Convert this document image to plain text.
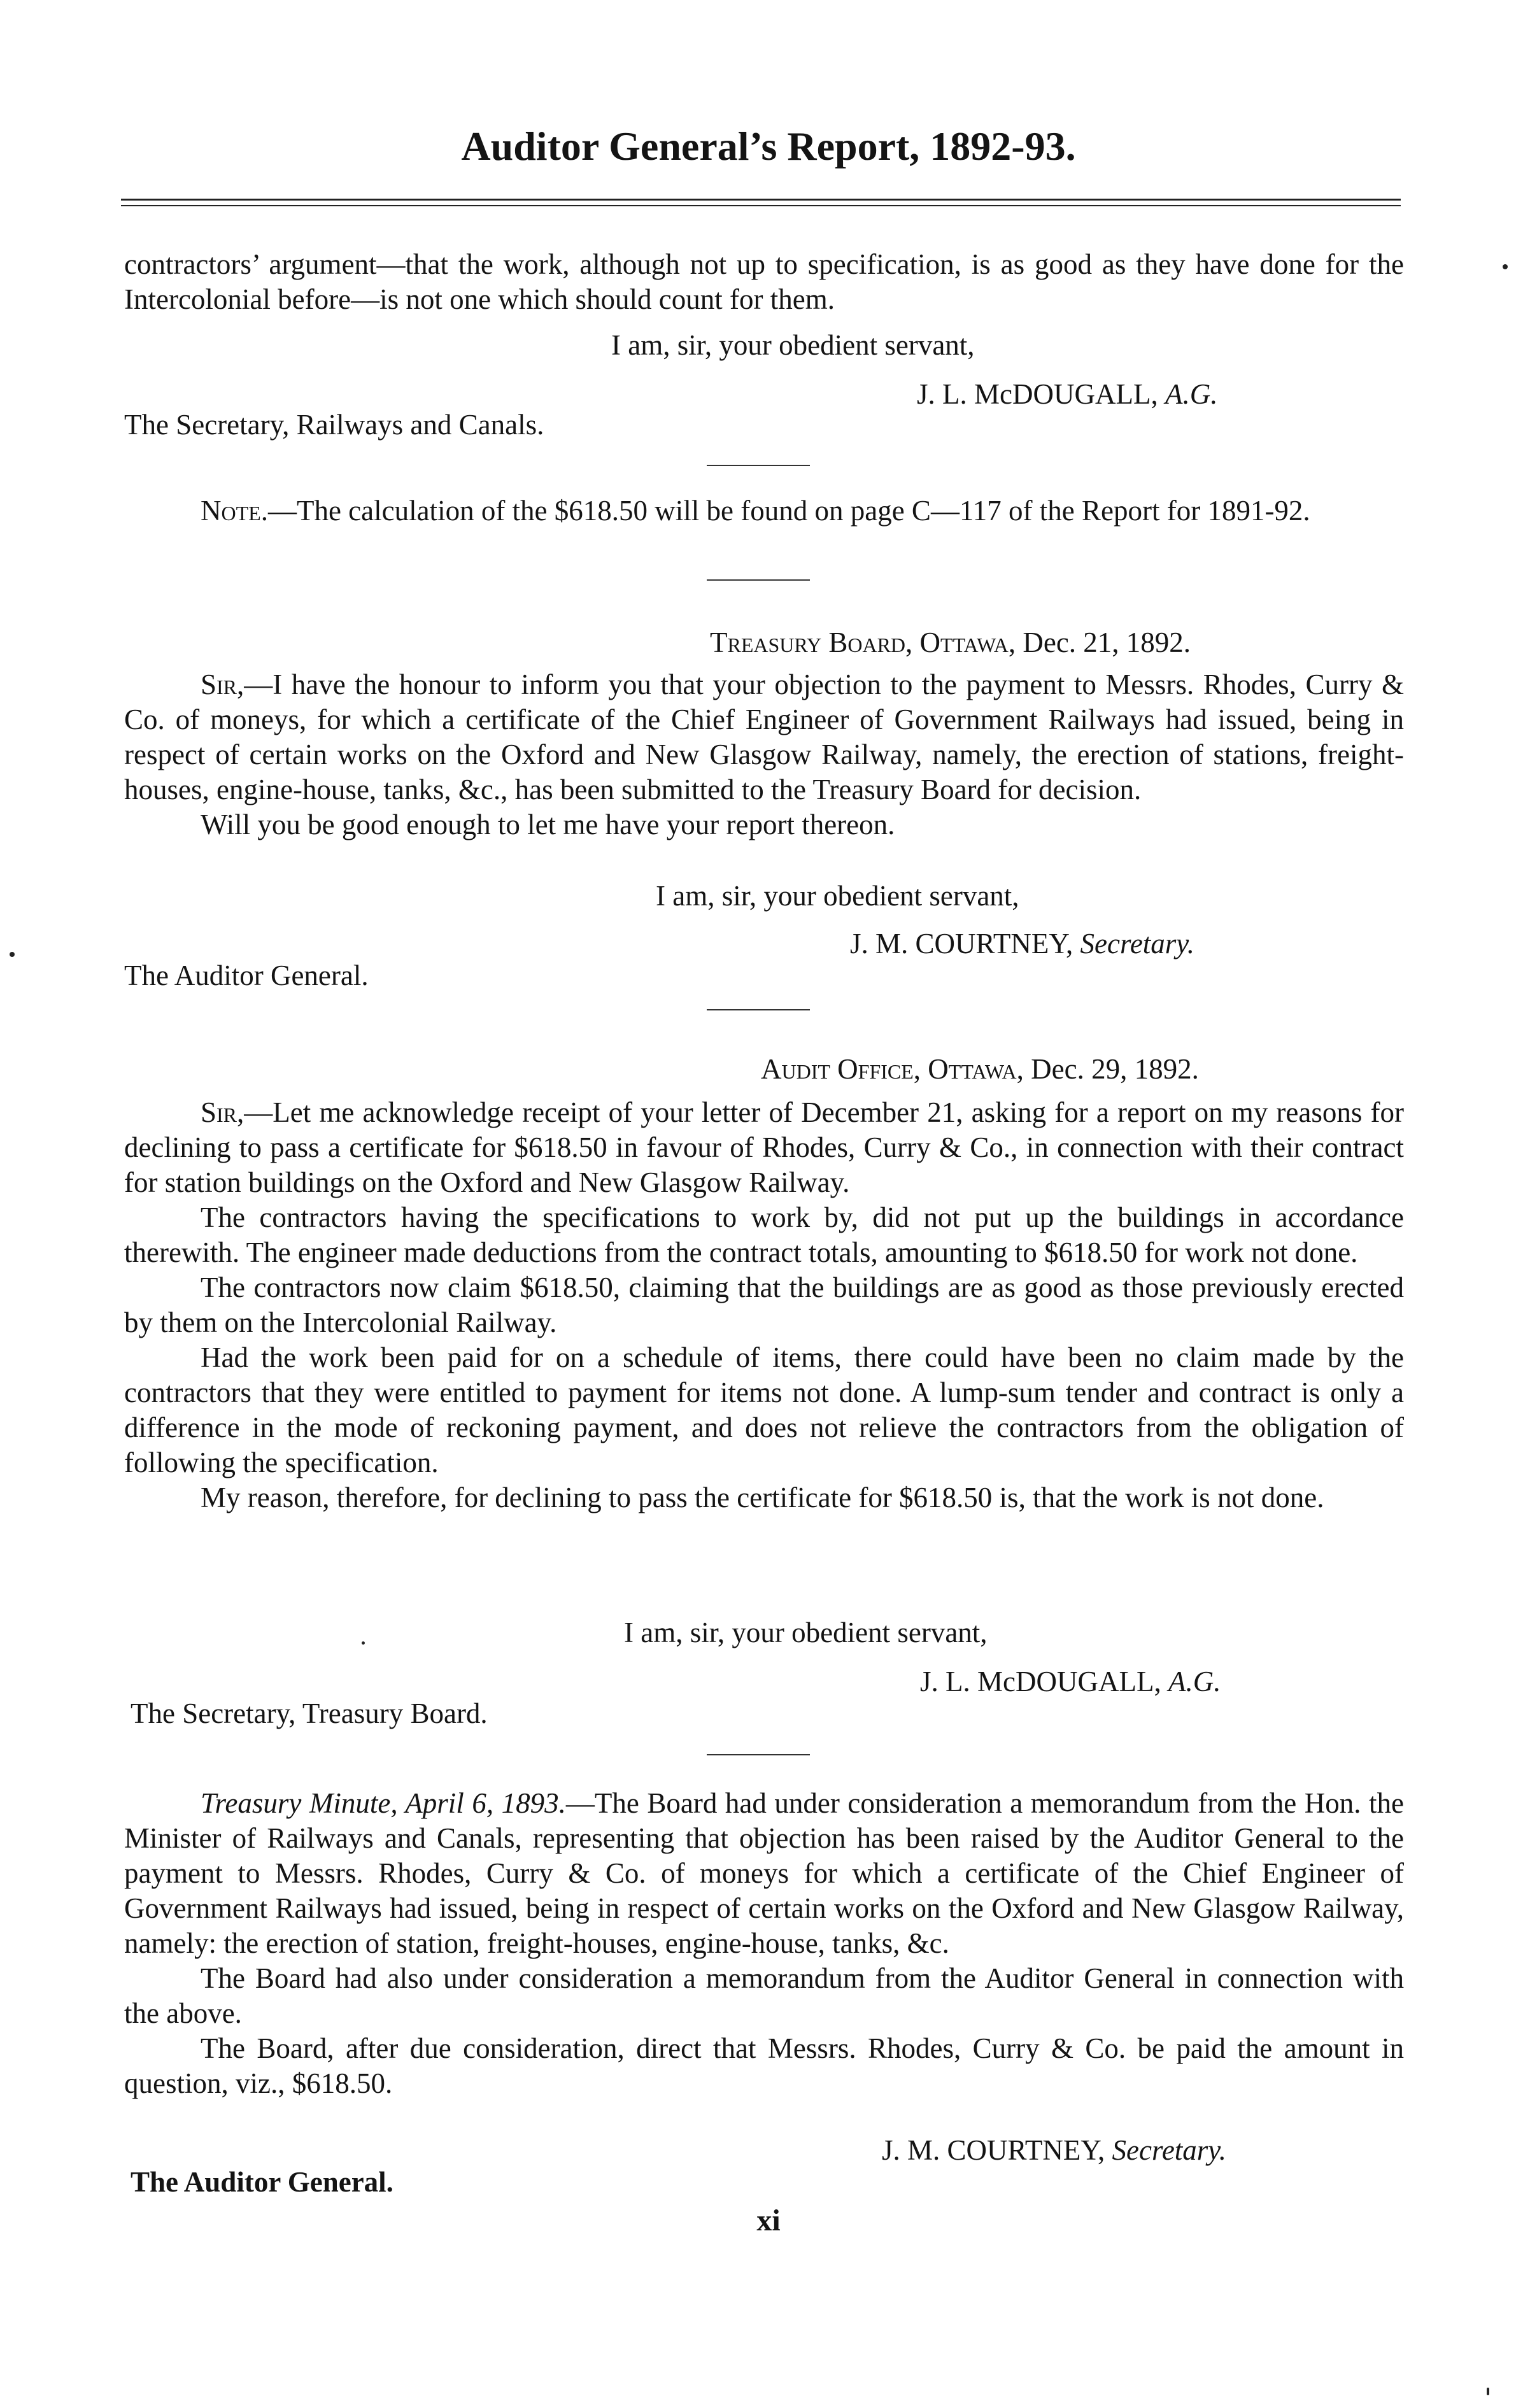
Auditor General’s Report, 1892-93.

contractors’ argument—that the work, although not up to specification, is as good as they have done for the Intercolonial before—is not one which should count for them.

I am, sir, your obedient servant,
J. L. McDOUGALL, A.G.
The Secretary, Railways and Canals.

Note.—The calculation of the $618.50 will be found on page C—117 of the Report for 1891-92.

Treasury Board, Ottawa, Dec. 21, 1892.

Sir,—I have the honour to inform you that your objection to the payment to Messrs. Rhodes, Curry & Co. of moneys, for which a certificate of the Chief Engineer of Government Railways had issued, being in respect of certain works on the Oxford and New Glasgow Railway, namely, the erection of stations, freight-houses, engine-house, tanks, &c., has been submitted to the Treasury Board for decision.

Will you be good enough to let me have your report thereon.

I am, sir, your obedient servant,
J. M. COURTNEY, Secretary.
The Auditor General.
Audit Office, Ottawa, Dec. 29, 1892.

Sir,—Let me acknowledge receipt of your letter of December 21, asking for a report on my reasons for declining to pass a certificate for $618.50 in favour of Rhodes, Curry & Co., in connection with their contract for station buildings on the Oxford and New Glasgow Railway.

The contractors having the specifications to work by, did not put up the buildings in accordance therewith. The engineer made deductions from the contract totals, amounting to $618.50 for work not done.

The contractors now claim $618.50, claiming that the buildings are as good as those previously erected by them on the Intercolonial Railway.

Had the work been paid for on a schedule of items, there could have been no claim made by the contractors that they were entitled to payment for items not done. A lump-sum tender and contract is only a difference in the mode of reckoning payment, and does not relieve the contractors from the obligation of following the specification.

My reason, therefore, for declining to pass the certificate for $618.50 is, that the work is not done.

I am, sir, your obedient servant,
J. L. McDOUGALL, A.G.
The Secretary, Treasury Board.

Treasury Minute, April 6, 1893.—The Board had under consideration a memorandum from the Hon. the Minister of Railways and Canals, representing that objection has been raised by the Auditor General to the payment to Messrs. Rhodes, Curry & Co. of moneys for which a certificate of the Chief Engineer of Government Railways had issued, being in respect of certain works on the Oxford and New Glasgow Railway, namely: the erection of station, freight-houses, engine-house, tanks, &c.

The Board had also under consideration a memorandum from the Auditor General in connection with the above.

The Board, after due consideration, direct that Messrs. Rhodes, Curry & Co. be paid the amount in question, viz., $618.50.

J. M. COURTNEY, Secretary.
The Auditor General.
xi
